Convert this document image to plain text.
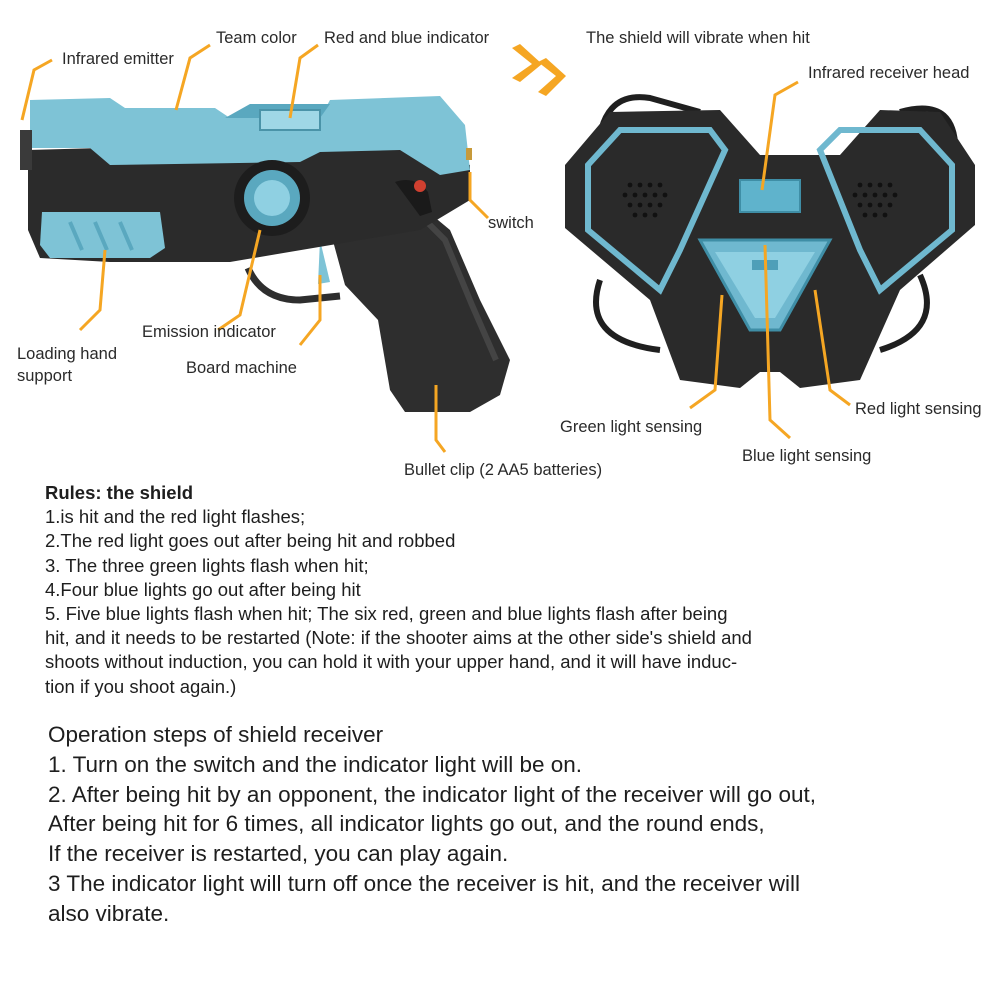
Team color Red and blue indicator
Infrared emitter
switch
Emission indicator
Loading hand
support	Board machine
Bullet clip (2 AA5 batteries)
The shield will vibrate when hit
Infrared receiver head
Red light sensing
Green light sensing
Blue light sensing

Rules: the shield

1.is hit and the red light flashes;

2.The red light goes out after being hit and robbed

3. The three green lights flash when hit;

4.Four blue lights go out after being hit

5. Five blue lights flash when hit; The six red, green and blue lights flash after being

hit, and it needs to be restarted (Note: if the shooter aims at the other side's shield and

shoots without induction, you can hold it with your upper hand, and it will have induc-

tion if you shoot again.)

Operation steps of shield receiver

1. Turn on the switch and the indicator light will be on.

2. After being hit by an opponent, the indicator light of the receiver will go out,

After being hit for 6 times, all indicator lights go out, and the round ends,

If the receiver is restarted, you can play again.

3 The indicator light will turn off once the receiver is hit, and the receiver will

also vibrate.
